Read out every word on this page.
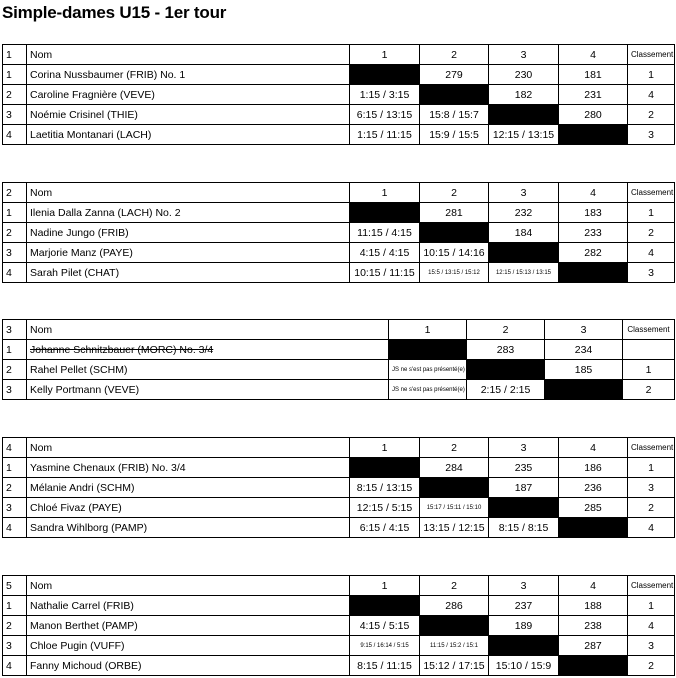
Simple-dames U15 - 1er tour
1	Nom	1	2	3	4	Classement
1	Corina Nussbaumer (FRIB) No. 1		279	230	181	1
2	Caroline Fragnière (VEVE)	1:15 / 3:15		182	231	4
3	Noémie Crisinel (THIE)	6:15 / 13:15	15:8 / 15:7		280	2
4	Laetitia Montanari (LACH)	1:15 / 11:15	15:9 / 15:5	12:15 / 13:15		3
2	Nom	1	2	3	4	Classement
1	Ilenia Dalla Zanna (LACH) No. 2		281	232	183	1
2	Nadine Jungo (FRIB)	11:15 / 4:15		184	233	2
3	Marjorie Manz (PAYE)	4:15 / 4:15	10:15 / 14:16		282	4
4	Sarah Pilet (CHAT)	10:15 / 11:15	15:5 / 13:15 / 15:12	12:15 / 15:13 / 13:15		3
3	Nom	1	2	3	Classement
1	Johanne Schnitzbauer (MORC) No. 3/4		283	234	
2	Rahel Pellet (SCHM)	JS ne s'est pas présenté(e)		185	1
3	Kelly Portmann (VEVE)	JS ne s'est pas présenté(e)	2:15 / 2:15		2
4	Nom	1	2	3	4	Classement
1	Yasmine Chenaux (FRIB) No. 3/4		284	235	186	1
2	Mélanie Andri (SCHM)	8:15 / 13:15		187	236	3
3	Chloé Fivaz (PAYE)	12:15 / 5:15	15:17 / 15:11 / 15:10		285	2
4	Sandra Wihlborg (PAMP)	6:15 / 4:15	13:15 / 12:15	8:15 / 8:15		4
5	Nom	1	2	3	4	Classement
1	Nathalie Carrel (FRIB)		286	237	188	1
2	Manon Berthet (PAMP)	4:15 / 5:15		189	238	4
3	Chloe Pugin (VUFF)	9:15 / 16:14 / 5:15	11:15 / 15:2 / 15:1		287	3
4	Fanny Michoud (ORBE)	8:15 / 11:15	15:12 / 17:15	15:10 / 15:9		2
